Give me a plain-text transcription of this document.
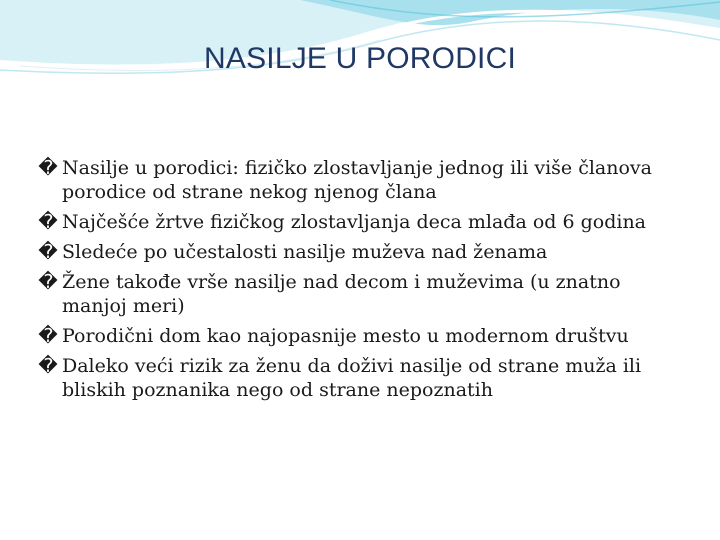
NASILJE U PORODICI
� Nasilje u porodici: fizičko zlostavljanje jednog ili više članova porodice od strane nekog njenog člana
� Najčešće žrtve fizičkog zlostavljanja deca mlađa od 6 godina
� Sledeće po učestalosti nasilje muževa nad ženama
� Žene takođe vrše nasilje nad decom i muževima (u znatno manjoj meri)
� Porodični dom kao najopasnije mesto u modernom društvu
� Daleko veći rizik za ženu da doživi nasilje od strane muža ili bliskih poznanika nego od strane nepoznatih
